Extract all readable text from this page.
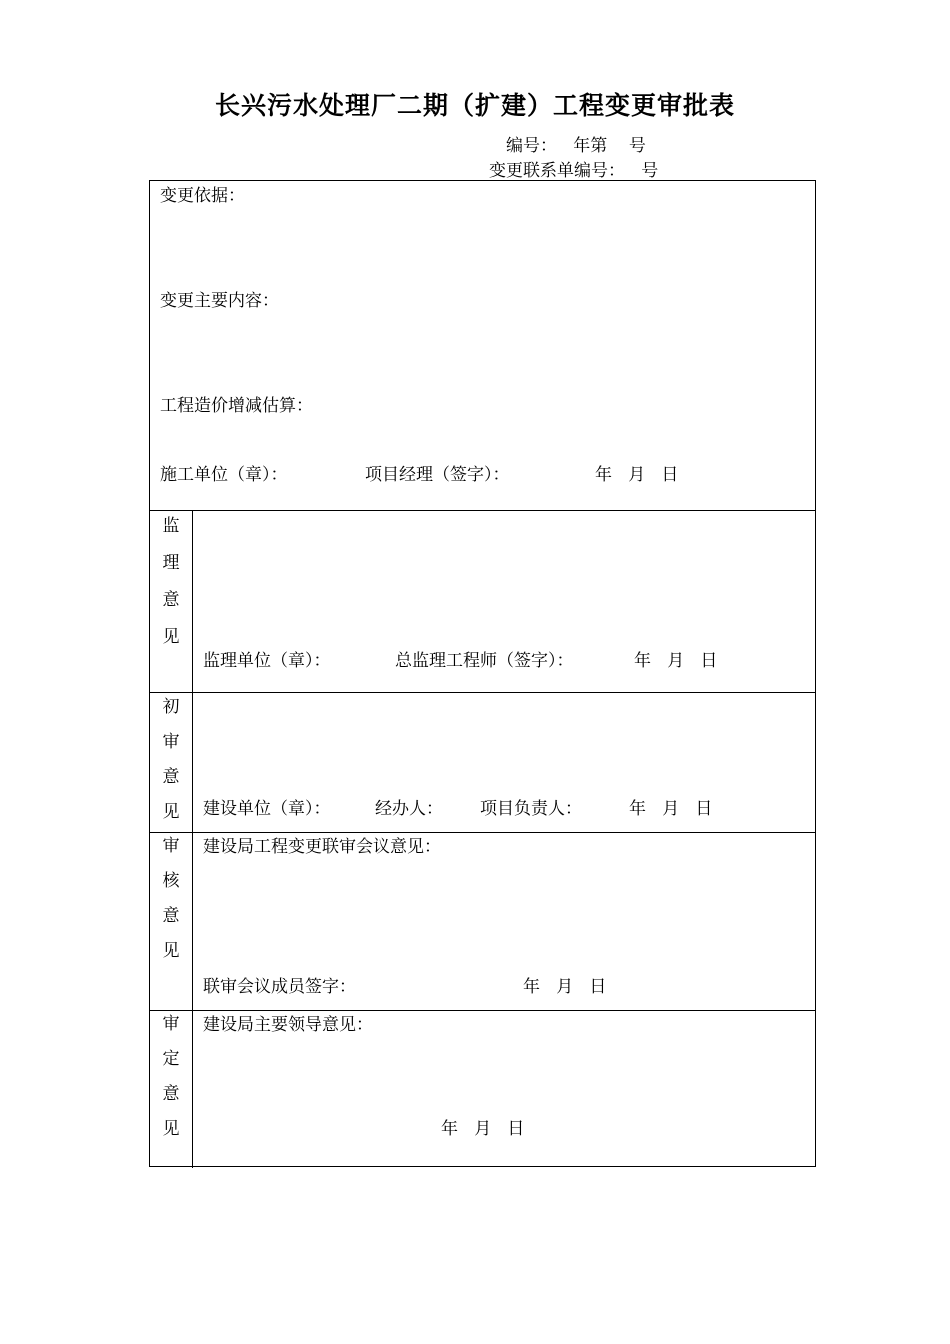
长兴污水处理厂二期（扩建）工程变更审批表
编号：   年第    号
变更联系单编号：   号
变更依据：
变更主要内容：
工程造价增减估算：
施工单位（章）：	项目经理（签字）：	年   月   日
监
理
意
见
监理单位（章）：	总监理工程师（签字）：	年   月   日
初
审
意
见	建设单位（章）：	经办人： 项目负责人：	年   月   日
审
核
意
见
建设局工程变更联审会议意见：
联审会议成员签字：	年   月   日
审
定
意
见
建设局主要领导意见：
年   月   日
